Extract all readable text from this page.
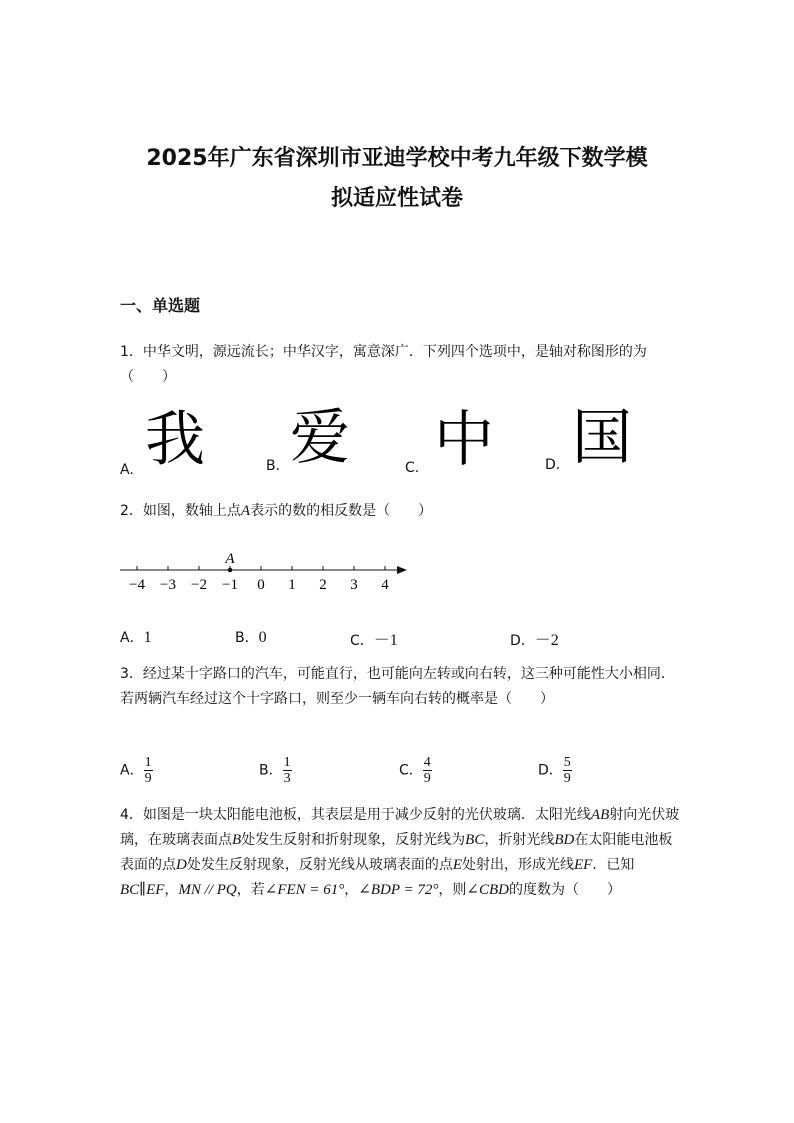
2025年广东省深圳市亚迪学校中考九年级下数学模
拟适应性试卷
一、单选题
1．中华文明，源远流长；中华汉字，寓意深广．下列四个选项中，是轴对称图形的为（　　）
A. 我	B. 爱	C. 中	D. 国
2．如图，数轴上点A表示的数的相反数是（　　）
−4 −3 −2 −1 0 1 2 3 4
A
A．1	B．0	C．－1	D．－2
3．经过某十字路口的汽车，可能直行，也可能向左转或向右转，这三种可能性大小相同．若两辆汽车经过这个十字路口，则至少一辆车向右转的概率是（　　）
A． $\frac{1}{9}$	B． $\frac{1}{3}$	C． $\frac{4}{9}$	D． $\frac{5}{9}$
4．如图是一块太阳能电池板，其表层是用于减少反射的光伏玻璃．太阳光线AB射向光伏玻璃，在玻璃表面点B处发生反射和折射现象，反射光线为BC，折射光线BD在太阳能电池板表面的点D处发生反射现象，反射光线从玻璃表面的点E处射出，形成光线EF．已知BC∥EF，MN // PQ，若∠FEN = 61°，∠BDP = 72°，则∠CBD的度数为（　　）
